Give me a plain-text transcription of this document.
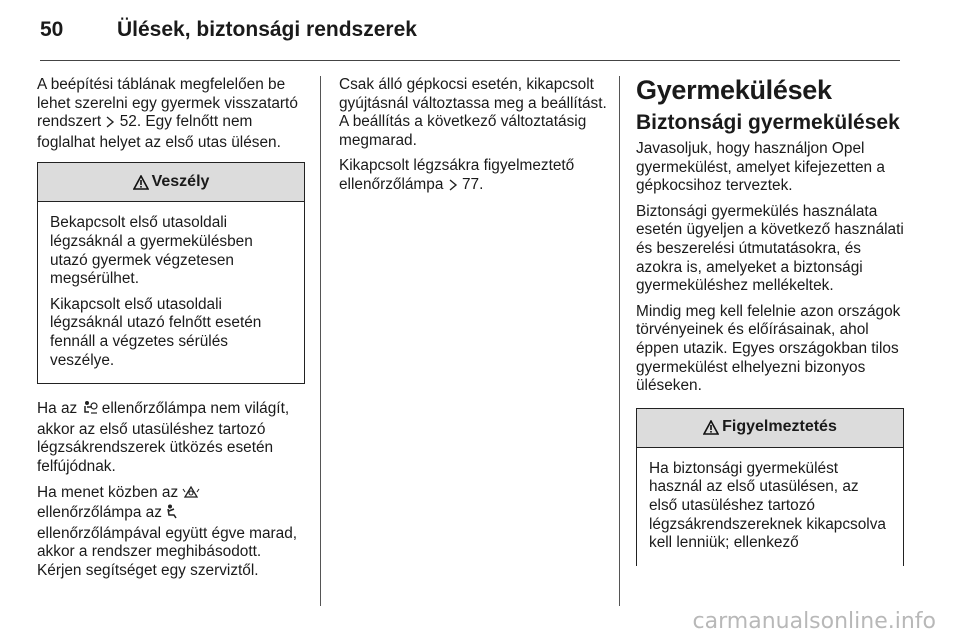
50	Ülések, biztonsági rendszerek

A beépítési táblának megfelelően be lehet szerelni egy gyermek visszatartó rendszert 52. Egy felnőtt nem foglalhat helyet az első utas ülésen.

Veszély

Bekapcsolt első utasoldali légzsáknál a gyermekülésben utazó gyermek végzetesen megsérülhet.

Kikapcsolt első utasoldali légzsáknál utazó felnőtt esetén fennáll a végzetes sérülés veszélye.

Ha az ellenőrzőlámpa nem világít, akkor az első utasüléshez tartozó légzsákrendszerek ütközés esetén felfújódnak.

Ha menet közben az  ellenőrzőlámpa az  ellenőrzőlámpával együtt égve marad, akkor a rendszer meghibásodott. Kérjen segítséget egy szerviztől.

Csak álló gépkocsi esetén, kikapcsolt gyújtásnál változtassa meg a beállítást. A beállítás a következő változtatásig megmarad.

Kikapcsolt légzsákra figyelmeztető ellenőrzőlámpa 77.

Gyermekülések
Biztonsági gyermekülések

Javasoljuk, hogy használjon Opel gyermekülést, amelyet kifejezetten a gépkocsihoz terveztek.

Biztonsági gyermekülés használata esetén ügyeljen a következő használati és beszerelési útmutatásokra, és azokra is, amelyeket a biztonsági gyermeküléshez mellékeltek.

Mindig meg kell felelnie azon országok törvényeinek és előírásainak, ahol éppen utazik. Egyes országokban tilos gyermekülést elhelyezni bizonyos üléseken.

Figyelmeztetés

Ha biztonsági gyermekülést használ az első utasülésen, az első utasüléshez tartozó légzsákrendszereknek kikapcsolva kell lenniük; ellenkező

carmanualsonline.info
